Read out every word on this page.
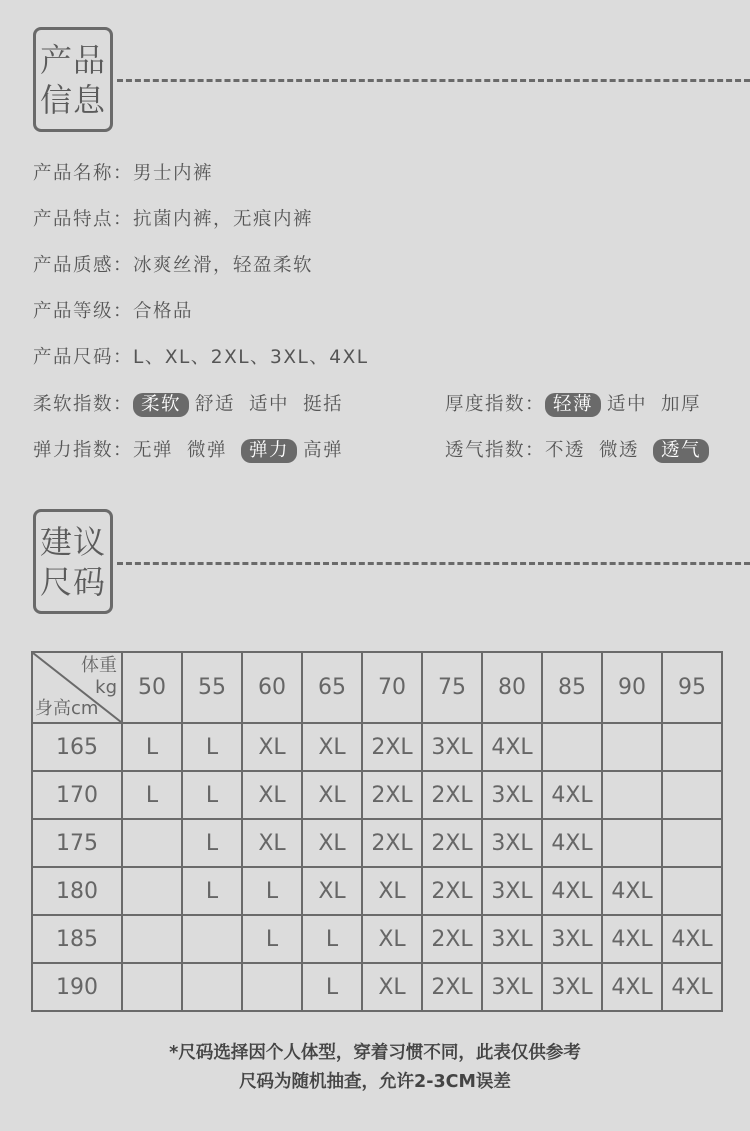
产品
信息
产品名称：男士内裤
产品特点：抗菌内裤，无痕内裤
产品质感：冰爽丝滑，轻盈柔软
产品等级：合格品
产品尺码：L、XL、2XL、3XL、4XL
柔软指数： 柔软 舒适 适中 挺括	厚度指数： 轻薄 适中 加厚
弹力指数：无弹 微弹 弹力 高弹	透气指数：不透 微透 透气
建议
尺码
体重
kg
身高cm	50	55	60	65	70	75	80	85	90	95
165	L	L	XL	XL	2XL	3XL	4XL			
170	L	L	XL	XL	2XL	2XL	3XL	4XL		
175		L	XL	XL	2XL	2XL	3XL	4XL		
180		L	L	XL	XL	2XL	3XL	4XL	4XL	
185			L	L	XL	2XL	3XL	3XL	4XL	4XL
190				L	XL	2XL	3XL	3XL	4XL	4XL
*尺码选择因个人体型，穿着习惯不同，此表仅供参考
尺码为随机抽查，允许2-3CM误差
